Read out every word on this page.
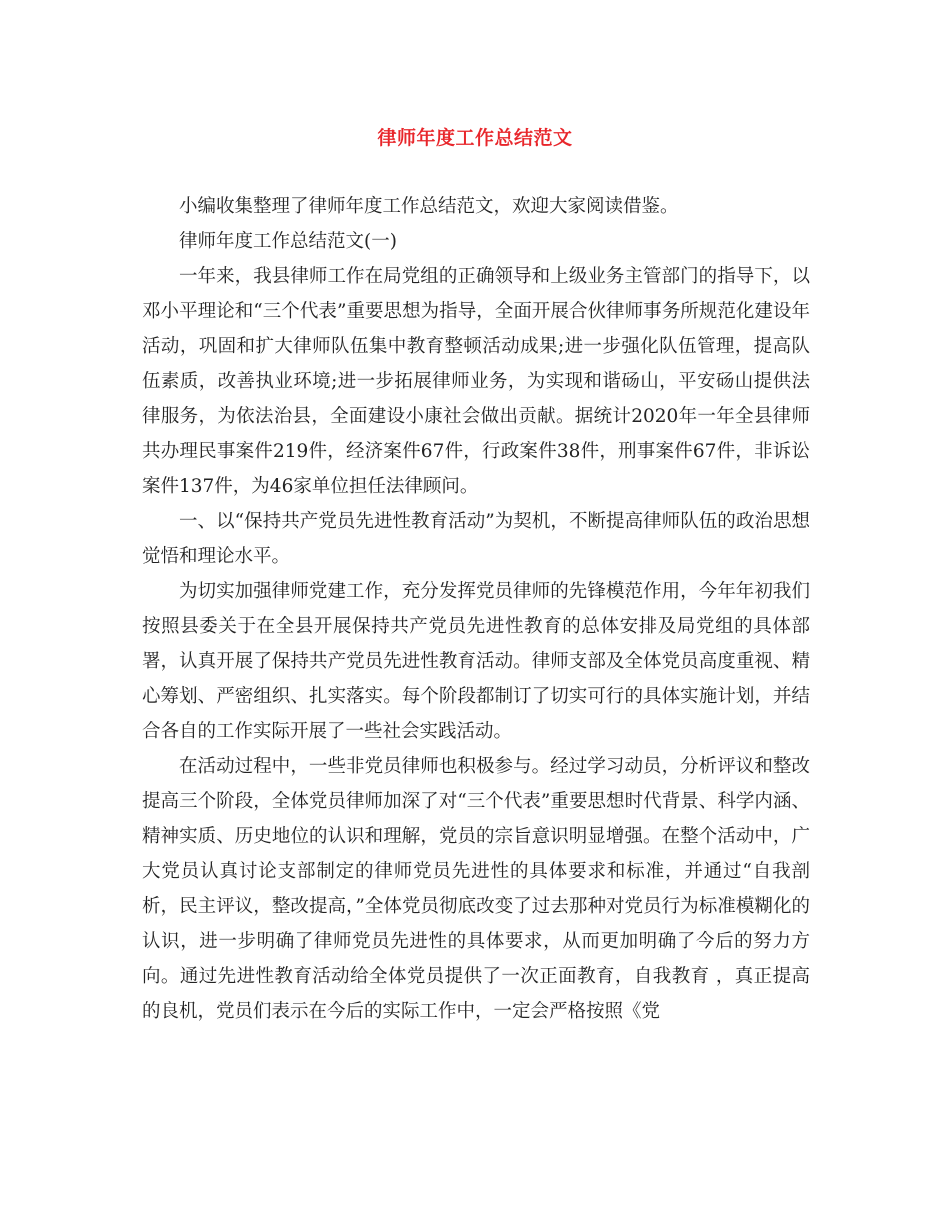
律师年度工作总结范文

小编收集整理了律师年度工作总结范文，欢迎大家阅读借鉴。

律师年度工作总结范文(一)

一年来，我县律师工作在局党组的正确领导和上级业务主管部门的指导下，以邓小平理论和“三个代表”重要思想为指导，全面开展合伙律师事务所规范化建设年活动，巩固和扩大律师队伍集中教育整顿活动成果;进一步强化队伍管理，提高队伍素质，改善执业环境;进一步拓展律师业务，为实现和谐砀山，平安砀山提供法律服务，为依法治县，全面建设小康社会做出贡献。据统计2020年一年全县律师共办理民事案件219件，经济案件67件，行政案件38件，刑事案件67件，非诉讼案件137件，为46家单位担任法律顾问。

一、以“保持共产党员先进性教育活动”为契机，不断提高律师队伍的政治思想觉悟和理论水平。

为切实加强律师党建工作，充分发挥党员律师的先锋模范作用，今年年初我们按照县委关于在全县开展保持共产党员先进性教育的总体安排及局党组的具体部署，认真开展了保持共产党员先进性教育活动。律师支部及全体党员高度重视、精心筹划、严密组织、扎实落实。每个阶段都制订了切实可行的具体实施计划，并结合各自的工作实际开展了一些社会实践活动。

在活动过程中，一些非党员律师也积极参与。经过学习动员，分析评议和整改提高三个阶段，全体党员律师加深了对“三个代表”重要思想时代背景、科学内涵、精神实质、历史地位的认识和理解，党员的宗旨意识明显增强。在整个活动中，广大党员认真讨论支部制定的律师党员先进性的具体要求和标准，并通过“自我剖析，民主评议，整改提高，”全体党员彻底改变了过去那种对党员行为标准模糊化的认识，进一步明确了律师党员先进性的具体要求，从而更加明确了今后的努力方向。通过先进性教育活动给全体党员提供了一次正面教育，自我教育 ，真正提高的良机，党员们表示在今后的实际工作中，一定会严格按照《党
